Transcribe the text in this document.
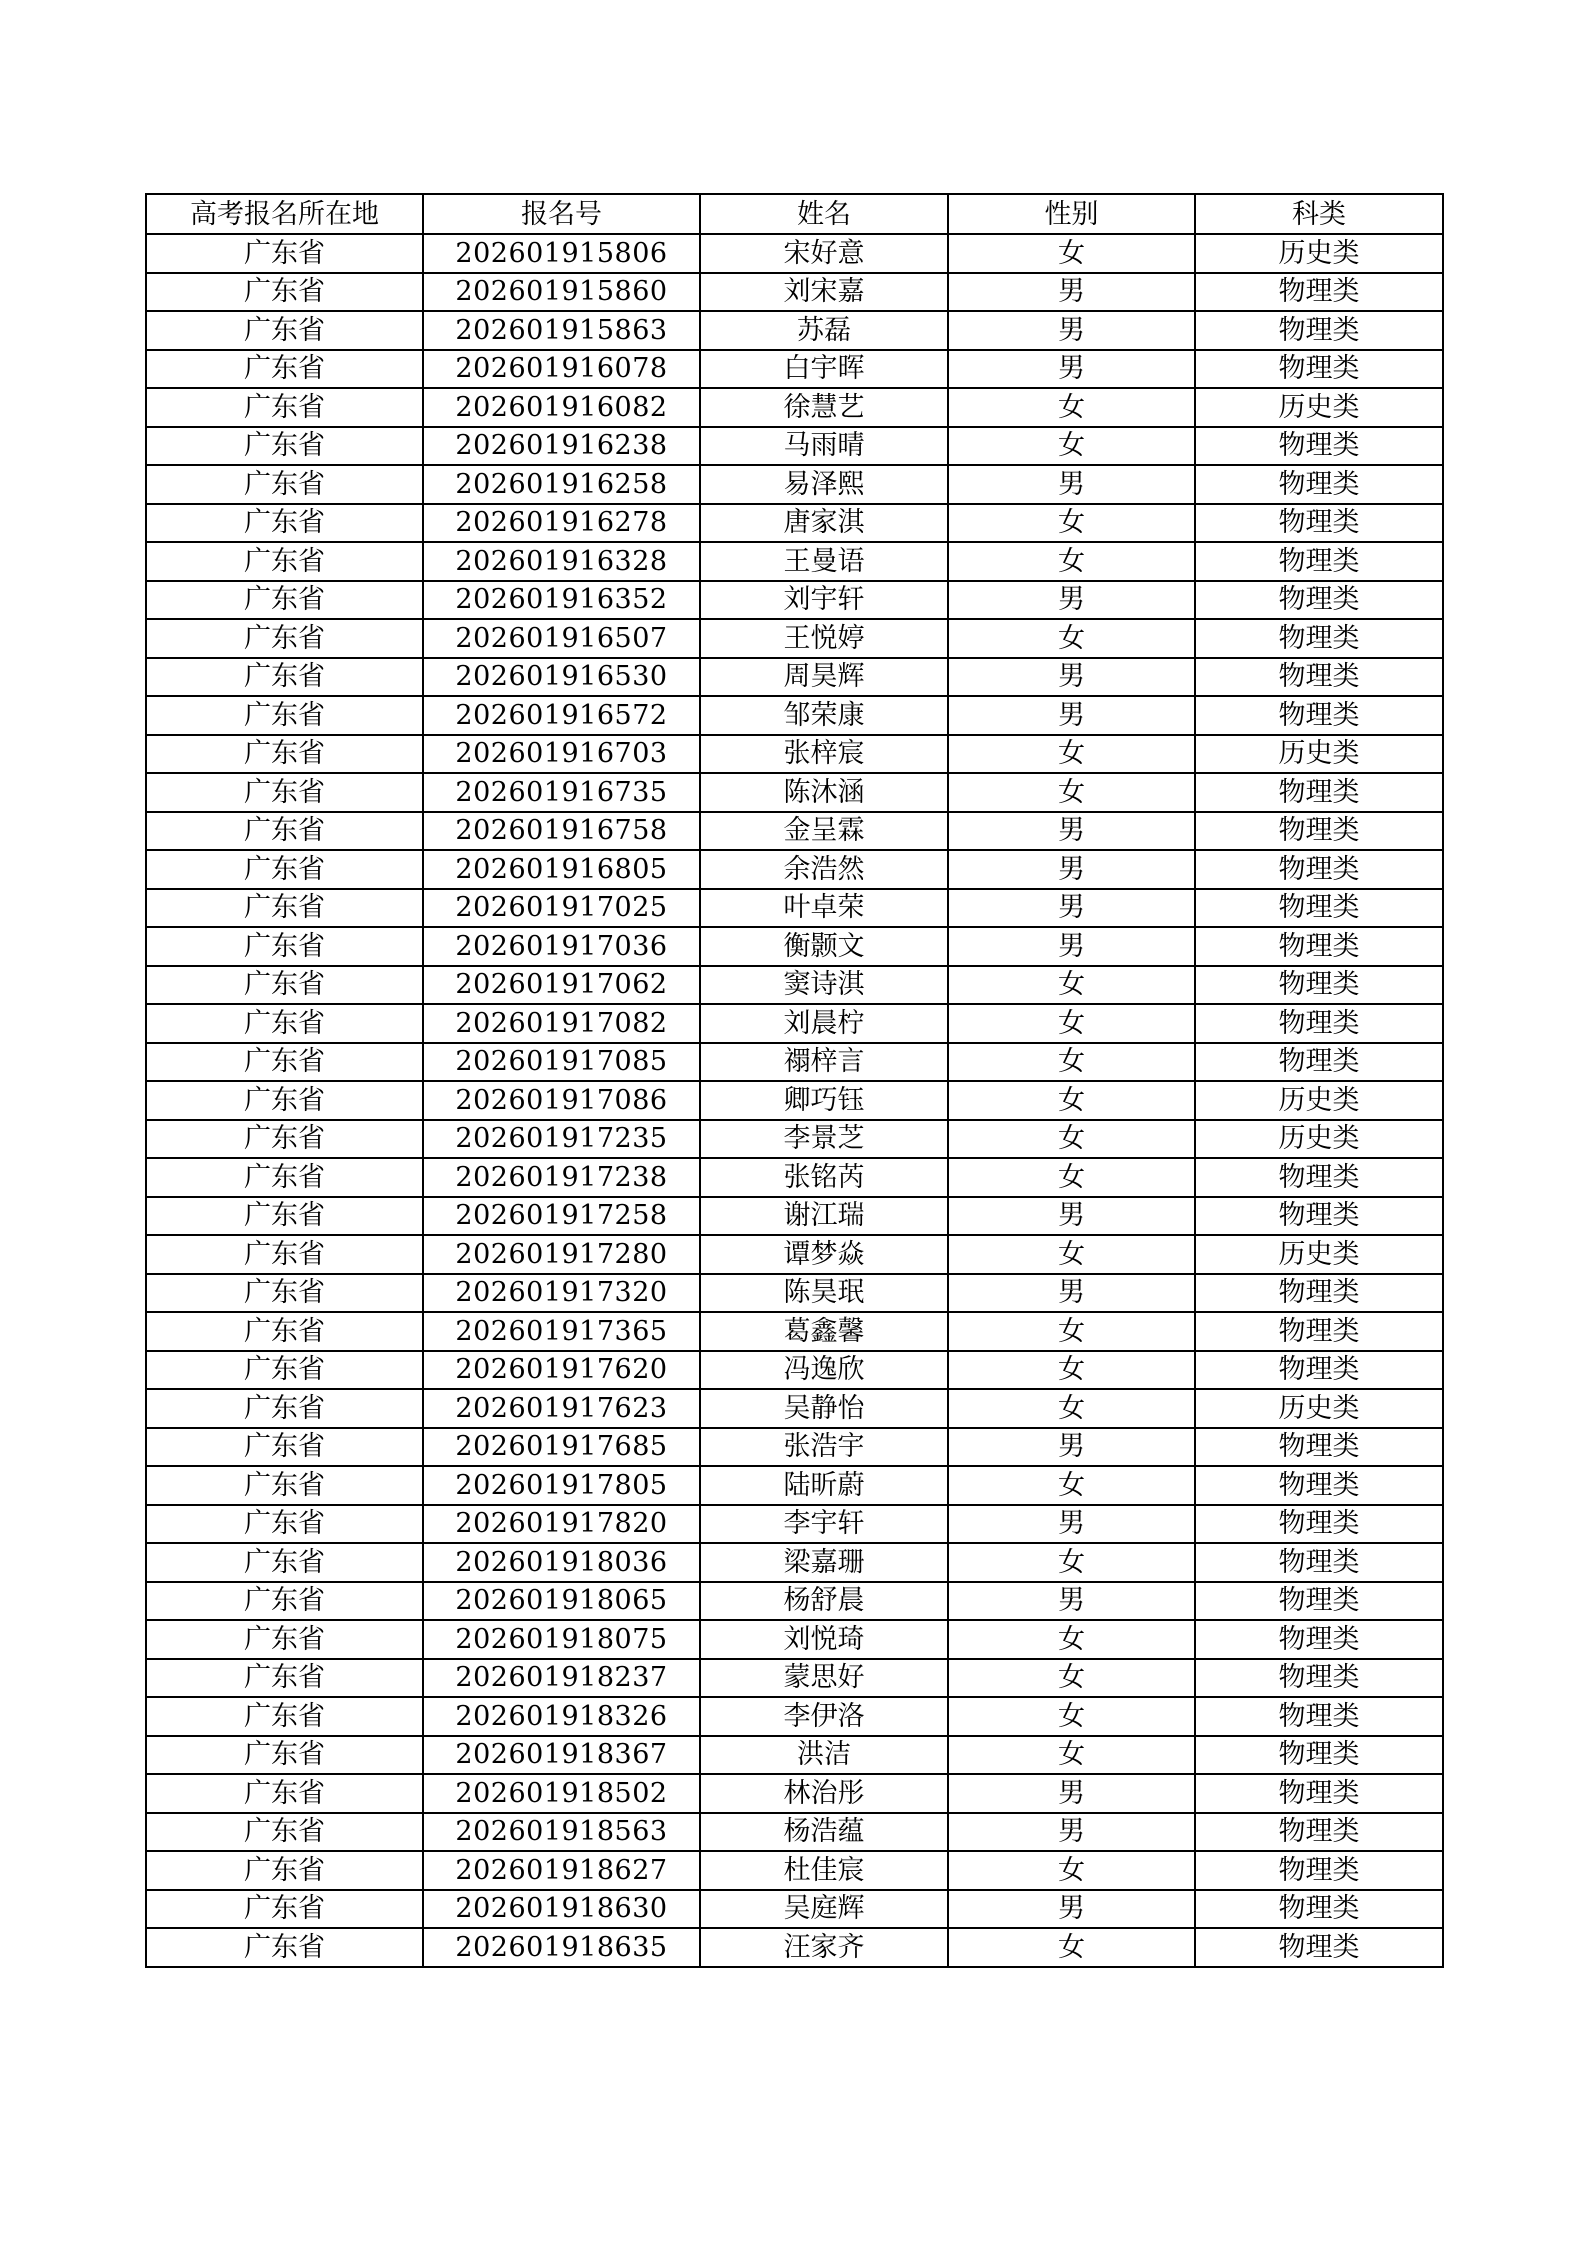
高考报名所在地	报名号	姓名	性别	科类
广东省	202601915806	宋好意	女	历史类
广东省	202601915860	刘宋嘉	男	物理类
广东省	202601915863	苏磊	男	物理类
广东省	202601916078	白宇晖	男	物理类
广东省	202601916082	徐慧艺	女	历史类
广东省	202601916238	马雨晴	女	物理类
广东省	202601916258	易泽熙	男	物理类
广东省	202601916278	唐家淇	女	物理类
广东省	202601916328	王曼语	女	物理类
广东省	202601916352	刘宇轩	男	物理类
广东省	202601916507	王悦婷	女	物理类
广东省	202601916530	周昊辉	男	物理类
广东省	202601916572	邹荣康	男	物理类
广东省	202601916703	张梓宸	女	历史类
广东省	202601916735	陈沐涵	女	物理类
广东省	202601916758	金呈霖	男	物理类
广东省	202601916805	余浩然	男	物理类
广东省	202601917025	叶卓荣	男	物理类
广东省	202601917036	衡颢文	男	物理类
广东省	202601917062	窦诗淇	女	物理类
广东省	202601917082	刘晨柠	女	物理类
广东省	202601917085	禤梓言	女	物理类
广东省	202601917086	卿巧钰	女	历史类
广东省	202601917235	李景芝	女	历史类
广东省	202601917238	张铭芮	女	物理类
广东省	202601917258	谢江瑞	男	物理类
广东省	202601917280	谭梦焱	女	历史类
广东省	202601917320	陈昊珉	男	物理类
广东省	202601917365	葛鑫馨	女	物理类
广东省	202601917620	冯逸欣	女	物理类
广东省	202601917623	吴静怡	女	历史类
广东省	202601917685	张浩宇	男	物理类
广东省	202601917805	陆昕蔚	女	物理类
广东省	202601917820	李宇轩	男	物理类
广东省	202601918036	梁嘉珊	女	物理类
广东省	202601918065	杨舒晨	男	物理类
广东省	202601918075	刘悦琦	女	物理类
广东省	202601918237	蒙思好	女	物理类
广东省	202601918326	李伊洛	女	物理类
广东省	202601918367	洪洁	女	物理类
广东省	202601918502	林治彤	男	物理类
广东省	202601918563	杨浩蕴	男	物理类
广东省	202601918627	杜佳宸	女	物理类
广东省	202601918630	吴庭辉	男	物理类
广东省	202601918635	汪家齐	女	物理类
